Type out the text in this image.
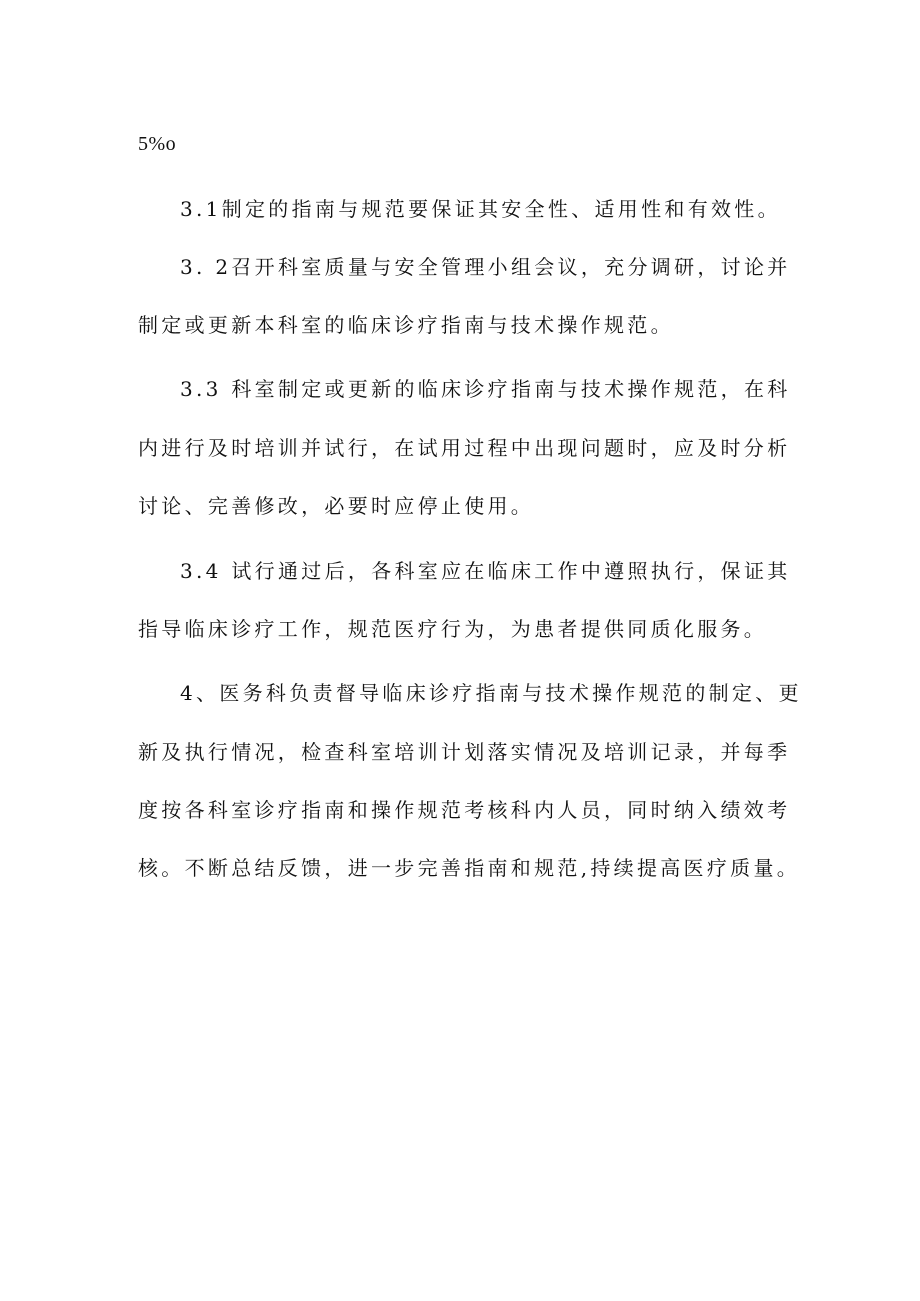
5%o
3.1制定的指南与规范要保证其安全性、适用性和有效性。
3. 2召开科室质量与安全管理小组会议，充分调研，讨论并
制定或更新本科室的临床诊疗指南与技术操作规范。
3.3 科室制定或更新的临床诊疗指南与技术操作规范，在科
内进行及时培训并试行，在试用过程中出现问题时，应及时分析
讨论、完善修改，必要时应停止使用。
3.4 试行通过后，各科室应在临床工作中遵照执行，保证其
指导临床诊疗工作，规范医疗行为，为患者提供同质化服务。
4、医务科负责督导临床诊疗指南与技术操作规范的制定、更
新及执行情况，检查科室培训计划落实情况及培训记录，并每季
度按各科室诊疗指南和操作规范考核科内人员，同时纳入绩效考
核。不断总结反馈，进一步完善指南和规范,持续提高医疗质量。
